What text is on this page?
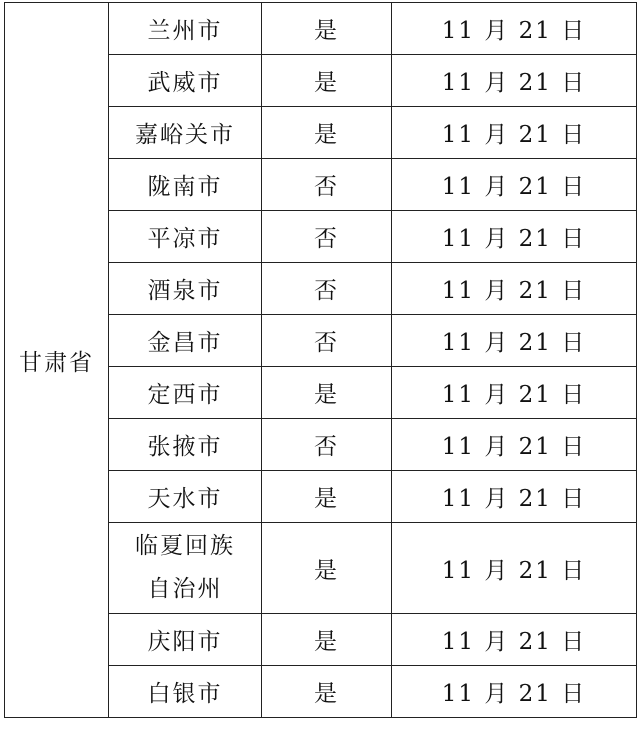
甘肃省	兰州市	是	11 月 21 日
	武威市	是	11 月 21 日
	嘉峪关市	是	11 月 21 日
	陇南市	否	11 月 21 日
	平凉市	否	11 月 21 日
	酒泉市	否	11 月 21 日
	金昌市	否	11 月 21 日
	定西市	是	11 月 21 日
	张掖市	否	11 月 21 日
	天水市	是	11 月 21 日
	临夏回族自治州	是	11 月 21 日
	庆阳市	是	11 月 21 日
	白银市	是	11 月 21 日
